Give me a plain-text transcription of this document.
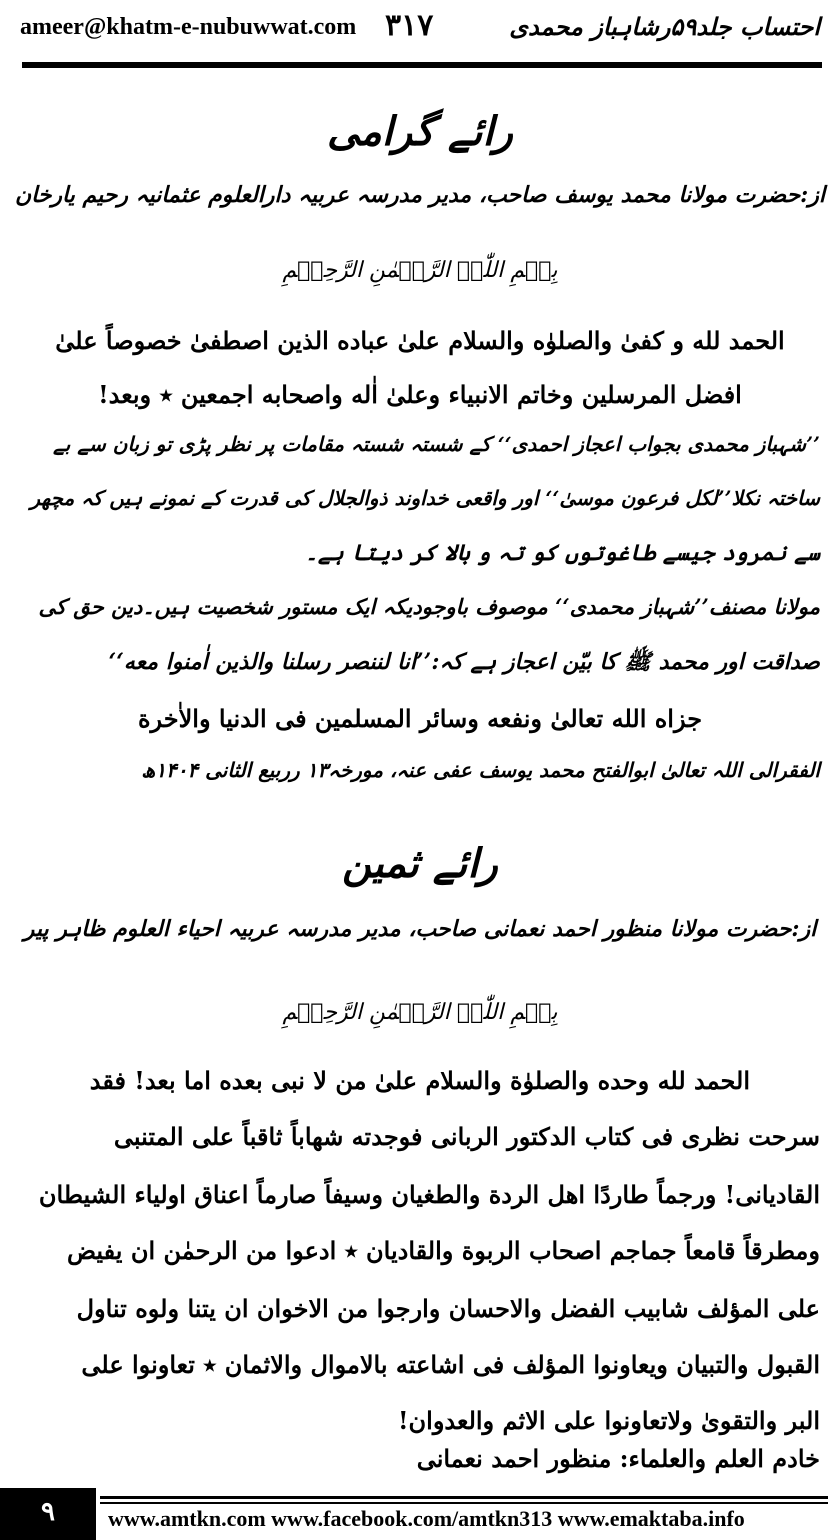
ameer@khatm-e-nubuwwat.com ۳۱۷	احتساب جلد۵۹رشاہباز محمدی
رائے گرامی
از:حضرت مولانا محمد یوسف صاحب، مدیر مدرسہ عربیہ دارالعلوم عثمانیہ رحیم یارخان
بِسۡمِ اللّٰہِ الرَّحۡمٰنِ الرَّحِیۡمِ
الحمد لله و كفىٰ والصلوٰه والسلام علىٰ عباده الذين اصطفىٰ خصوصاً علىٰ
افضل المرسلين وخاتم الانبياء وعلىٰ اٰله واصحابه اجمعين ٭ وبعد!
’’شہباز محمدی بجواب اعجاز احمدی‘‘ کے شستہ شستہ مقامات پر نظر پڑی تو زبان سے بے
ساختہ نکلا’’لکل فرعون موسیٰ‘‘ اور واقعی خداوند ذوالجلال کی قدرت کے نمونے ہیں کہ مچھر
سے نمرود جیسے طاغوتوں کو تہ و بالا کر دیتا ہے۔
مولانا مصنف’’شہباز محمدی‘‘ موصوف باوجودیکہ ایک مستور شخصیت ہیں۔دین حق کی
صداقت اور محمد ﷺ کا بیّن اعجاز ہے کہ:’’انا لننصر رسلنا والذين اٰمنوا معه‘‘
جزاه الله تعالىٰ ونفعه وسائر المسلمين فى الدنيا والاٰخرة
الفقرالی اللہ تعالیٰ ابوالفتح محمد یوسف عفی عنہ، مورخہ۱۳ رربیع الثانی ۱۴۰۴ھ
رائے ثمین
از:حضرت مولانا منظور احمد نعمانی صاحب، مدیر مدرسہ عربیہ احیاء العلوم ظاہر پیر
بِسۡمِ اللّٰہِ الرَّحۡمٰنِ الرَّحِیۡمِ
الحمد لله وحده والصلوٰة والسلام علىٰ من لا نبى بعده اما بعد! فقد
سرحت نظرى فى كتاب الدكتور الربانى فوجدته شهاباً ثاقباً على المتنبى
القاديانى! ورجماً طاردًا اهل الردة والطغيان وسيفاً صارماً اعناق اولياء الشيطان
ومطرقاً قامعاً جماجم اصحاب الربوة والقاديان ٭ ادعوا من الرحمٰن ان يفيض
على المؤلف شابيب الفضل والاحسان وارجوا من الاخوان ان يتنا ولوه تناول
القبول والتبيان ويعاونوا المؤلف فى اشاعته بالاموال والاثمان ٭ تعاونوا على
البر والتقوىٰ ولاتعاونوا على الاثم والعدوان!
خادم العلم والعلماء: منظور احمد نعمانى
۹	www.amtkn.com www.facebook.com/amtkn313 www.emaktaba.info
